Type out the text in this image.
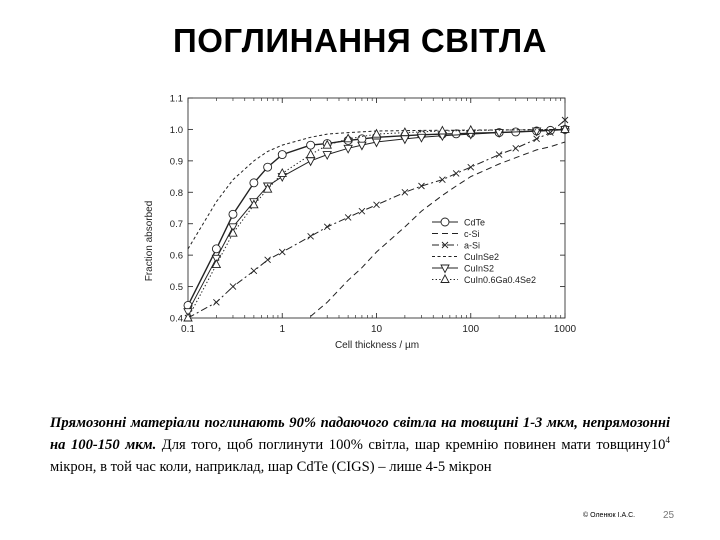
ПОГЛИНАННЯ СВІТЛА
0.1	1	10	100	1000
0.4
0.5
0.6
0.7
0.8
0.9
1.0
1.1
CdTe
c-Si
a-Si
CuInSe2
CuInS2
CuIn0.6Ga0.4Se2
Cell thickness / µm
Fraction absorbed
Прямозонні матеріали поглинають 90% падаючого світла на товщині 1-3 мкм, непрямозонні на 100-150 мкм. Для того, щоб поглинути 100% світла, шар кремнію повинен мати $товщину10^4$ мікрон, в той час коли, наприклад, шар CdTe (CIGS) – лише 4-5 мікрон
© Оленюк І.А.С.	25
